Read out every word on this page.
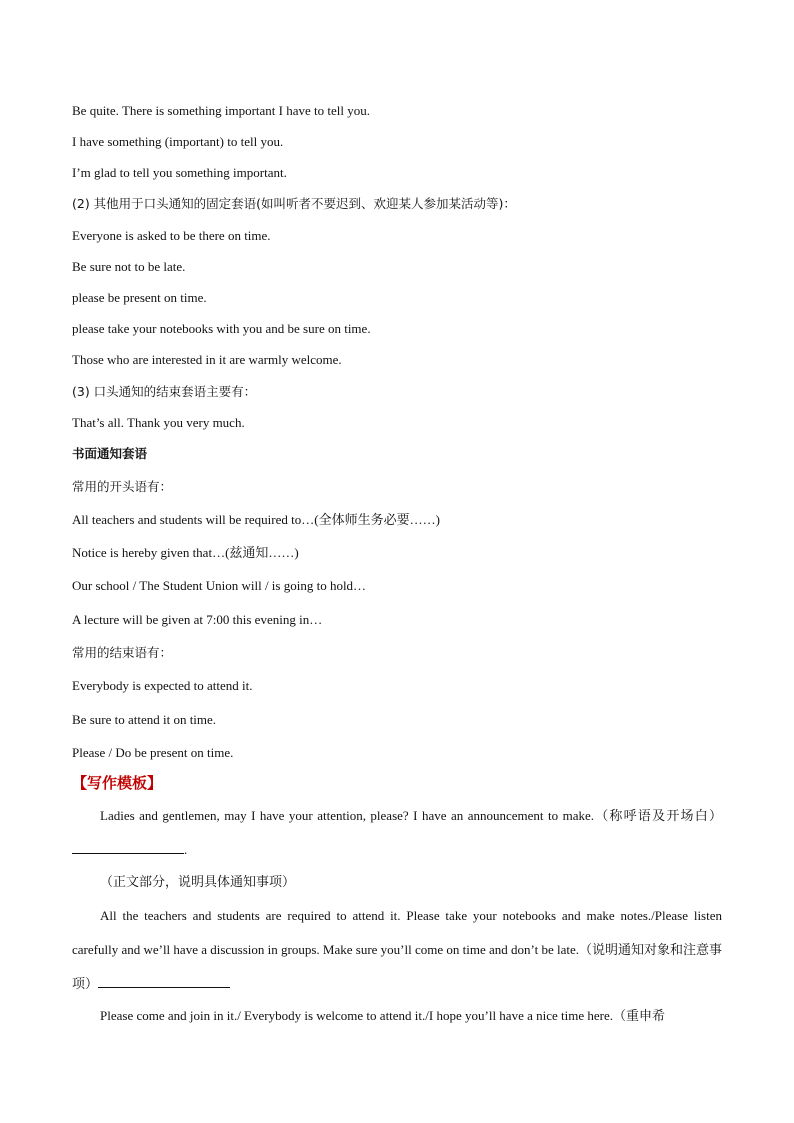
Be quite. There is something important I have to tell you.
I have something (important) to tell you.
I’m glad to tell you something important.
(2) 其他用于口头通知的固定套语(如叫听者不要迟到、欢迎某人参加某活动等)：
Everyone is asked to be there on time.
Be sure not to be late.
please be present on time.
please take your notebooks with you and be sure on time.
Those who are interested in it are warmly welcome.
(3) 口头通知的结束套语主要有：
That’s all. Thank you very much.
书面通知套语
常用的开头语有：
All teachers and students will be required to…(全体师生务必要……)
Notice is hereby given that…(兹通知……)
Our school / The Student Union will / is going to hold…
A lecture will be given at 7:00 this evening in…
常用的结束语有：
Everybody is expected to attend it.
Be sure to attend it on time.
Please / Do be present on time.
【写作模板】
Ladies and gentlemen, may I have your attention, please? I have an announcement to make.（称呼语及开场白）.
（正文部分，说明具体通知事项）
All the teachers and students are required to attend it. Please take your notebooks and make notes./Please listen carefully and we’ll have a discussion in groups. Make sure you’ll come on time and don’t be late.（说明通知对象和注意事项）
Please come and join in it./ Everybody is welcome to attend it./I hope you’ll have a nice time here.（重申希
